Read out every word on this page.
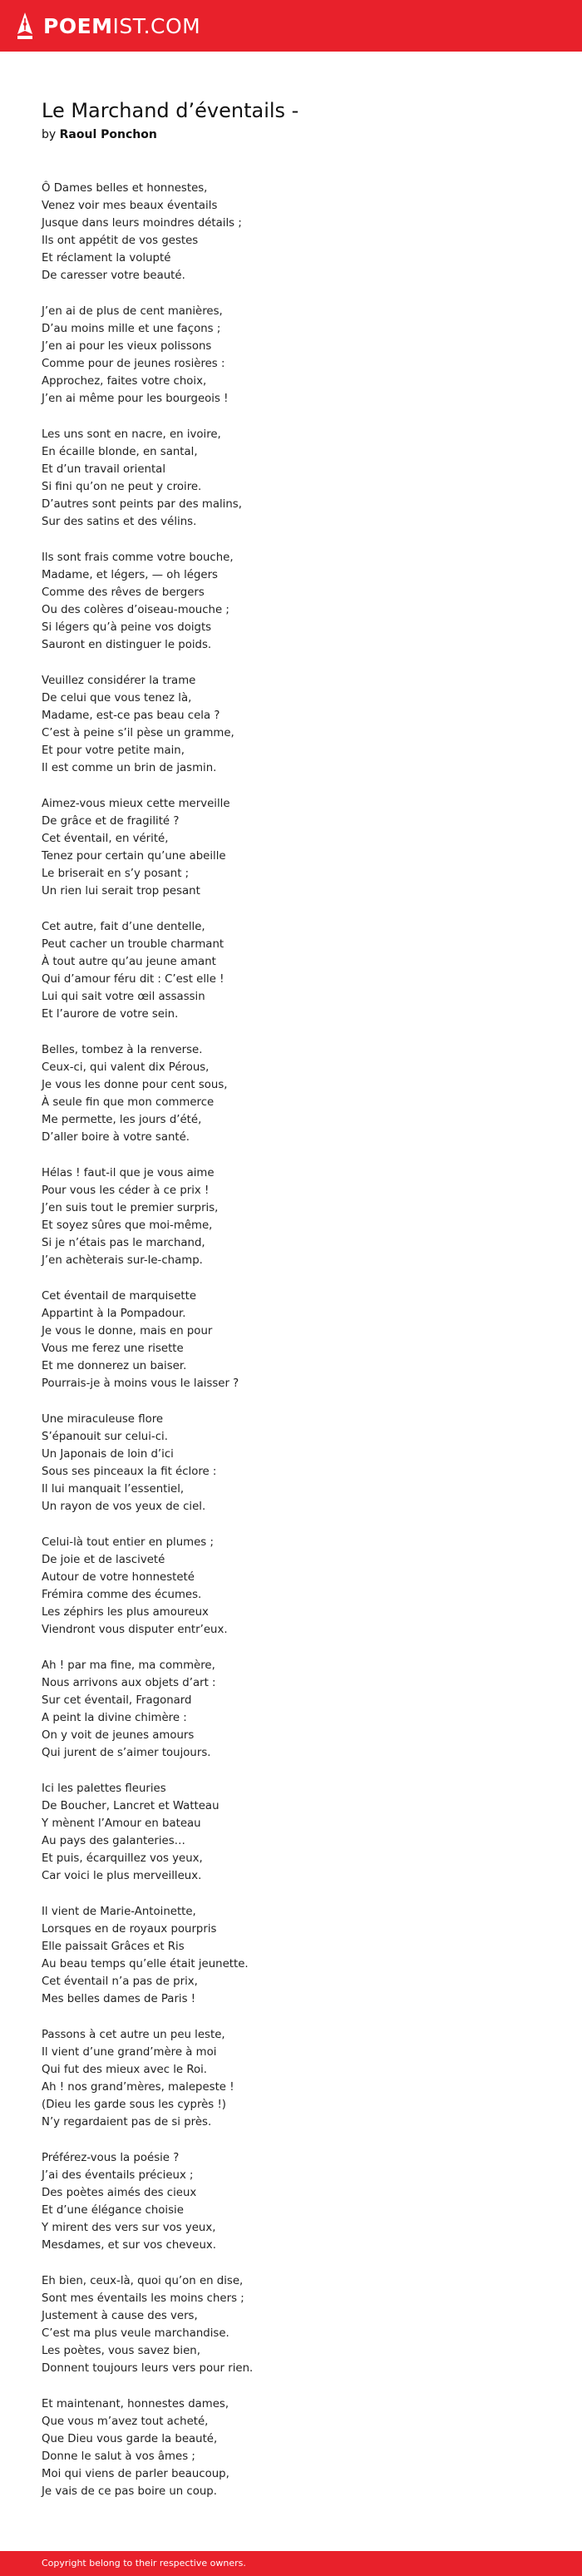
POEM IST.COM
Le Marchand d’éventails -
by Raoul Ponchon
Ô Dames belles et honnestes,
Venez voir mes beaux éventails
Jusque dans leurs moindres détails ;
Ils ont appétit de vos gestes
Et réclament la volupté
De caresser votre beauté.
J’en ai de plus de cent manières,
D’au moins mille et une façons ;
J’en ai pour les vieux polissons
Comme pour de jeunes rosières :
Approchez, faites votre choix,
J’en ai même pour les bourgeois !
Les uns sont en nacre, en ivoire,
En écaille blonde, en santal,
Et d’un travail oriental
Si fini qu’on ne peut y croire.
D’autres sont peints par des malins,
Sur des satins et des vélins.
Ils sont frais comme votre bouche,
Madame, et légers, — oh légers
Comme des rêves de bergers
Ou des colères d’oiseau-mouche ;
Si légers qu’à peine vos doigts
Sauront en distinguer le poids.
Veuillez considérer la trame
De celui que vous tenez là,
Madame, est-ce pas beau cela ?
C’est à peine s’il pèse un gramme,
Et pour votre petite main,
Il est comme un brin de jasmin.
Aimez-vous mieux cette merveille
De grâce et de fragilité ?
Cet éventail, en vérité,
Tenez pour certain qu’une abeille
Le briserait en s’y posant ;
Un rien lui serait trop pesant
Cet autre, fait d’une dentelle,
Peut cacher un trouble charmant
À tout autre qu’au jeune amant
Qui d’amour féru dit : C’est elle !
Lui qui sait votre œil assassin
Et l’aurore de votre sein.
Belles, tombez à la renverse.
Ceux-ci, qui valent dix Pérous,
Je vous les donne pour cent sous,
À seule fin que mon commerce
Me permette, les jours d’été,
D’aller boire à votre santé.
Hélas ! faut-il que je vous aime
Pour vous les céder à ce prix !
J’en suis tout le premier surpris,
Et soyez sûres que moi-même,
Si je n’étais pas le marchand,
J’en achèterais sur-le-champ.
Cet éventail de marquisette
Appartint à la Pompadour.
Je vous le donne, mais en pour
Vous me ferez une risette
Et me donnerez un baiser.
Pourrais-je à moins vous le laisser ?
Une miraculeuse flore
S’épanouit sur celui-ci.
Un Japonais de loin d’ici
Sous ses pinceaux la fit éclore :
Il lui manquait l’essentiel,
Un rayon de vos yeux de ciel.
Celui-là tout entier en plumes ;
De joie et de lasciveté
Autour de votre honnesteté
Frémira comme des écumes.
Les zéphirs les plus amoureux
Viendront vous disputer entr’eux.
Ah ! par ma fine, ma commère,
Nous arrivons aux objets d’art :
Sur cet éventail, Fragonard
A peint la divine chimère :
On y voit de jeunes amours
Qui jurent de s’aimer toujours.
Ici les palettes fleuries
De Boucher, Lancret et Watteau
Y mènent l’Amour en bateau
Au pays des galanteries…
Et puis, écarquillez vos yeux,
Car voici le plus merveilleux.
Il vient de Marie-Antoinette,
Lorsques en de royaux pourpris
Elle paissait Grâces et Ris
Au beau temps qu’elle était jeunette.
Cet éventail n’a pas de prix,
Mes belles dames de Paris !
Passons à cet autre un peu leste,
Il vient d’une grand’mère à moi
Qui fut des mieux avec le Roi.
Ah ! nos grand’mères, malepeste !
(Dieu les garde sous les cyprès !)
N’y regardaient pas de si près.
Préférez-vous la poésie ?
J’ai des éventails précieux ;
Des poètes aimés des cieux
Et d’une élégance choisie
Y mirent des vers sur vos yeux,
Mesdames, et sur vos cheveux.
Eh bien, ceux-là, quoi qu’on en dise,
Sont mes éventails les moins chers ;
Justement à cause des vers,
C’est ma plus veule marchandise.
Les poètes, vous savez bien,
Donnent toujours leurs vers pour rien.
Et maintenant, honnestes dames,
Que vous m’avez tout acheté,
Que Dieu vous garde la beauté,
Donne le salut à vos âmes ;
Moi qui viens de parler beaucoup,
Je vais de ce pas boire un coup.
Copyright belong to their respective owners.
